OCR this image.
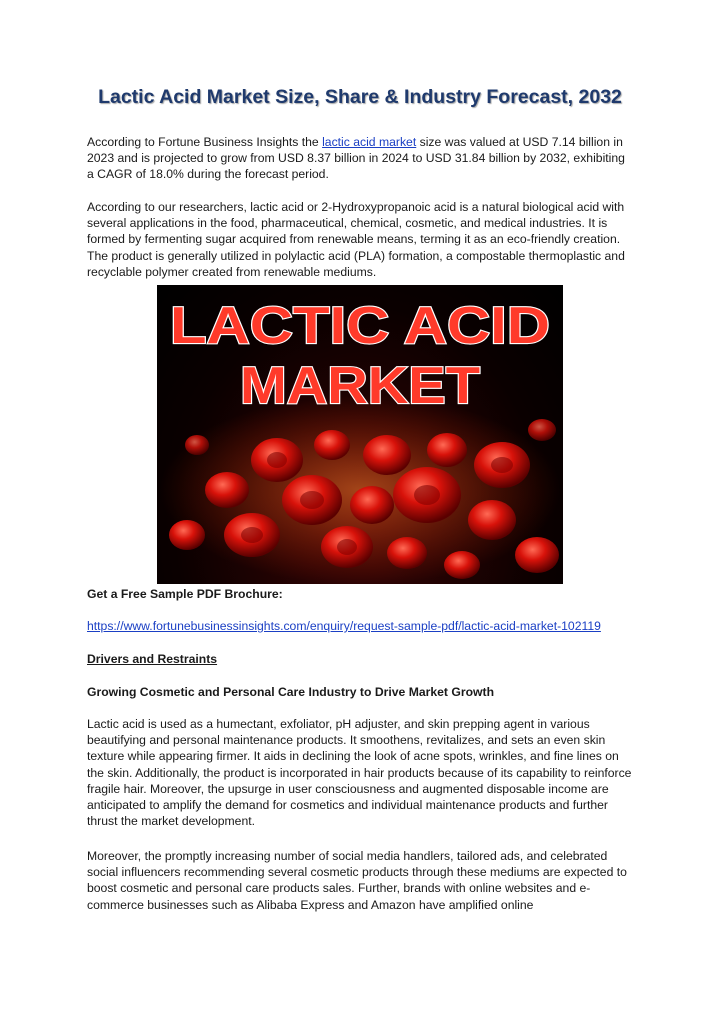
Lactic Acid Market Size, Share & Industry Forecast, 2032

According to Fortune Business Insights the lactic acid market size was valued at USD 7.14 billion in 2023 and is projected to grow from USD 8.37 billion in 2024 to USD 31.84 billion by 2032, exhibiting a CAGR of 18.0% during the forecast period.

According to our researchers, lactic acid or 2-Hydroxypropanoic acid is a natural biological acid with several applications in the food, pharmaceutical, chemical, cosmetic, and medical industries. It is formed by fermenting sugar acquired from renewable means, terming it as an eco-friendly creation. The product is generally utilized in polylactic acid (PLA) formation, a compostable thermoplastic and recyclable polymer created from renewable mediums.

LACTIC ACID
MARKET

Get a Free Sample PDF Brochure:

https://www.fortunebusinessinsights.com/enquiry/request-sample-pdf/lactic-acid-market-102119

Drivers and Restraints

Growing Cosmetic and Personal Care Industry to Drive Market Growth

Lactic acid is used as a humectant, exfoliator, pH adjuster, and skin prepping agent in various beautifying and personal maintenance products. It smoothens, revitalizes, and sets an even skin texture while appearing firmer. It aids in declining the look of acne spots, wrinkles, and fine lines on the skin. Additionally, the product is incorporated in hair products because of its capability to reinforce fragile hair. Moreover, the upsurge in user consciousness and augmented disposable income are anticipated to amplify the demand for cosmetics and individual maintenance products and further thrust the market development.

Moreover, the promptly increasing number of social media handlers, tailored ads, and celebrated social influencers recommending several cosmetic products through these mediums are expected to boost cosmetic and personal care products sales. Further, brands with online websites and e-commerce businesses such as Alibaba Express and Amazon have amplified online
